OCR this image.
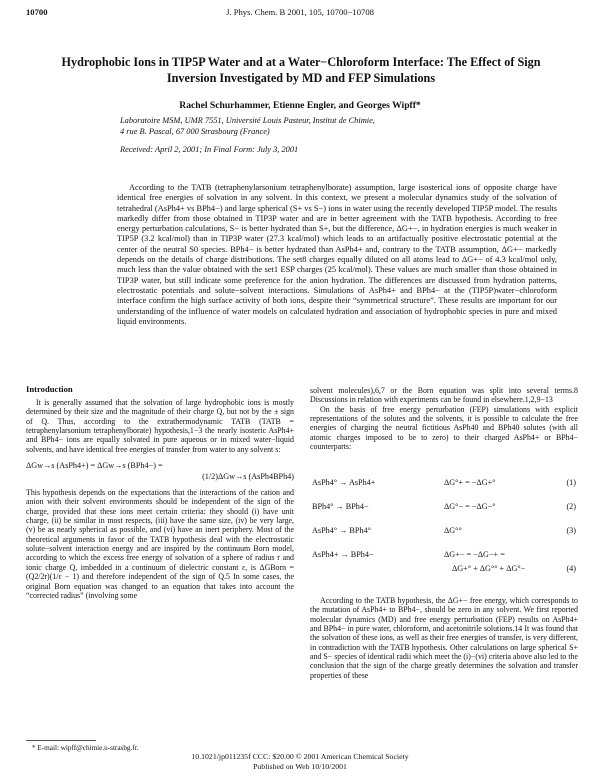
10700	J. Phys. Chem. B 2001, 105, 10700−10708
Hydrophobic Ions in TIP5P Water and at a Water−Chloroform Interface: The Effect of Sign Inversion Investigated by MD and FEP Simulations
Rachel Schurhammer, Etienne Engler, and Georges Wipff*
Laboratoire MSM, UMR 7551, Université Louis Pasteur, Institut de Chimie,
4 rue B. Pascal, 67 000 Strasbourg (France)
Received: April 2, 2001; In Final Form: July 3, 2001
According to the TATB (tetraphenylarsonium tetraphenylborate) assumption, large isosterical ions of opposite charge have identical free energies of solvation in any solvent. In this context, we present a molecular dynamics study of the solvation of tetrahedral (AsPh4+ vs BPh4−) and large spherical (S+ vs S−) ions in water using the recently developed TIP5P model. The results markedly differ from those obtained in TIP3P water and are in better agreement with the TATB hypothesis. According to free energy perturbation calculations, S− is better hydrated than S+, but the difference, ΔG+−, in hydration energies is much weaker in TIP5P (3.2 kcal/mol) than in TIP3P water (27.3 kcal/mol) which leads to an artifactually positive electrostatic potential at the center of the neutral S0 species. BPh4− is better hydrated than AsPh4+ and, contrary to the TATB assumption, ΔG+− markedly depends on the details of charge distributions. The set8 charges equally diluted on all atoms lead to ΔG+− of 4.3 kcal/mol only, much less than the value obtained with the set1 ESP charges (25 kcal/mol). These values are much smaller than those obtained in TIP3P water, but still indicate some preference for the anion hydration. The differences are discussed from hydration patterns, electrostatic potentials and solute−solvent interactions. Simulations of AsPh4+ and BPh4− at the (TIP5P)water−chloroform interface confirm the high surface activity of both ions, despite their “symmetrical structure”. These results are important for our understanding of the influence of water models on calculated hydration and association of hydrophobic species in pure and mixed liquid environments.
Introduction
It is generally assumed that the solvation of large hydrophobic ions is mostly determined by their size and the magnitude of their charge Q, but not by the ± sign of Q. Thus, according to the extrathermodynamic TATB (TATB = tetraphenylarsonium tetraphenylborate) hypothesis,1−3 the nearly isosteric AsPh4+ and BPh4− ions are equally solvated in pure aqueous or in mixed water−liquid solvents, and have identical free energies of transfer from water to any solvent s:
ΔGw→s (AsPh4+) = ΔGw→s (BPh4−) =
(1/2)ΔGw→s (AsPh4BPh4)
This hypothesis depends on the expectations that the interactions of the cation and anion with their solvent environments should be independent of the sign of the charge, provided that these ions meet certain criteria: they should (i) have unit charge, (ii) be similar in most respects, (iii) have the same size, (iv) be very large, (v) be as nearly spherical as possible, and (vi) have an inert periphery. Most of the theoretical arguments in favor of the TATB hypothesis deal with the electrostatic solute−solvent interaction energy and are inspired by the continuum Born model, according to which the excess free energy of solvation of a sphere of radius r and ionic charge Q, imbedded in a continuum of dielectric constant ε, is ΔGBorn = (Q2/2r)(1/ε − 1) and therefore independent of the sign of Q.5 In some cases, the original Born equation was changed to an equation that takes into account the “corrected radius” (involving some
solvent molecules),6,7 or the Born equation was split into several terms.8 Discussions in relation with experiments can be found in elsewhere.1,2,9−13
On the basis of free energy perturbation (FEP) simulations with explicit representations of the solutes and the solvents, it is possible to calculate the free energies of charging the neutral fictitious AsPh40 and BPh40 solutes (with all atomic charges imposed to be to zero) to their charged AsPh4+ or BPh4− counterparts:
AsPh4° → AsPh4+	ΔG°+ = −ΔG+°	(1)
BPh4° → BPh4−	ΔG°− = −ΔG−°	(2)
AsPh4° → BPh4°	ΔG°°	(3)
AsPh4+ → BPh4−	ΔG+− = −ΔG−+ =
ΔG+° + ΔG°° + ΔG°−	(4)
According to the TATB hypothesis, the ΔG+− free energy, which corresponds to the mutation of AsPh4+ to BPh4−, should be zero in any solvent. We first reported molecular dynamics (MD) and free energy perturbation (FEP) results on AsPh4+ and BPh4− in pure water, chloroform, and acetonitrile solutions.14 It was found that the solvation of these ions, as well as their free energies of transfer, is very different, in contradiction with the TATB hypothesis. Other calculations on large spherical S+ and S− species of identical radii which meet the (i)−(vi) criteria above also led to the conclusion that the sign of the charge greatly determines the solvation and transfer properties of these
* E-mail: wipff@chimie.u-strasbg.fr.
10.1021/jp011235f CCC: $20.00 © 2001 American Chemical Society
Published on Web 10/10/2001
